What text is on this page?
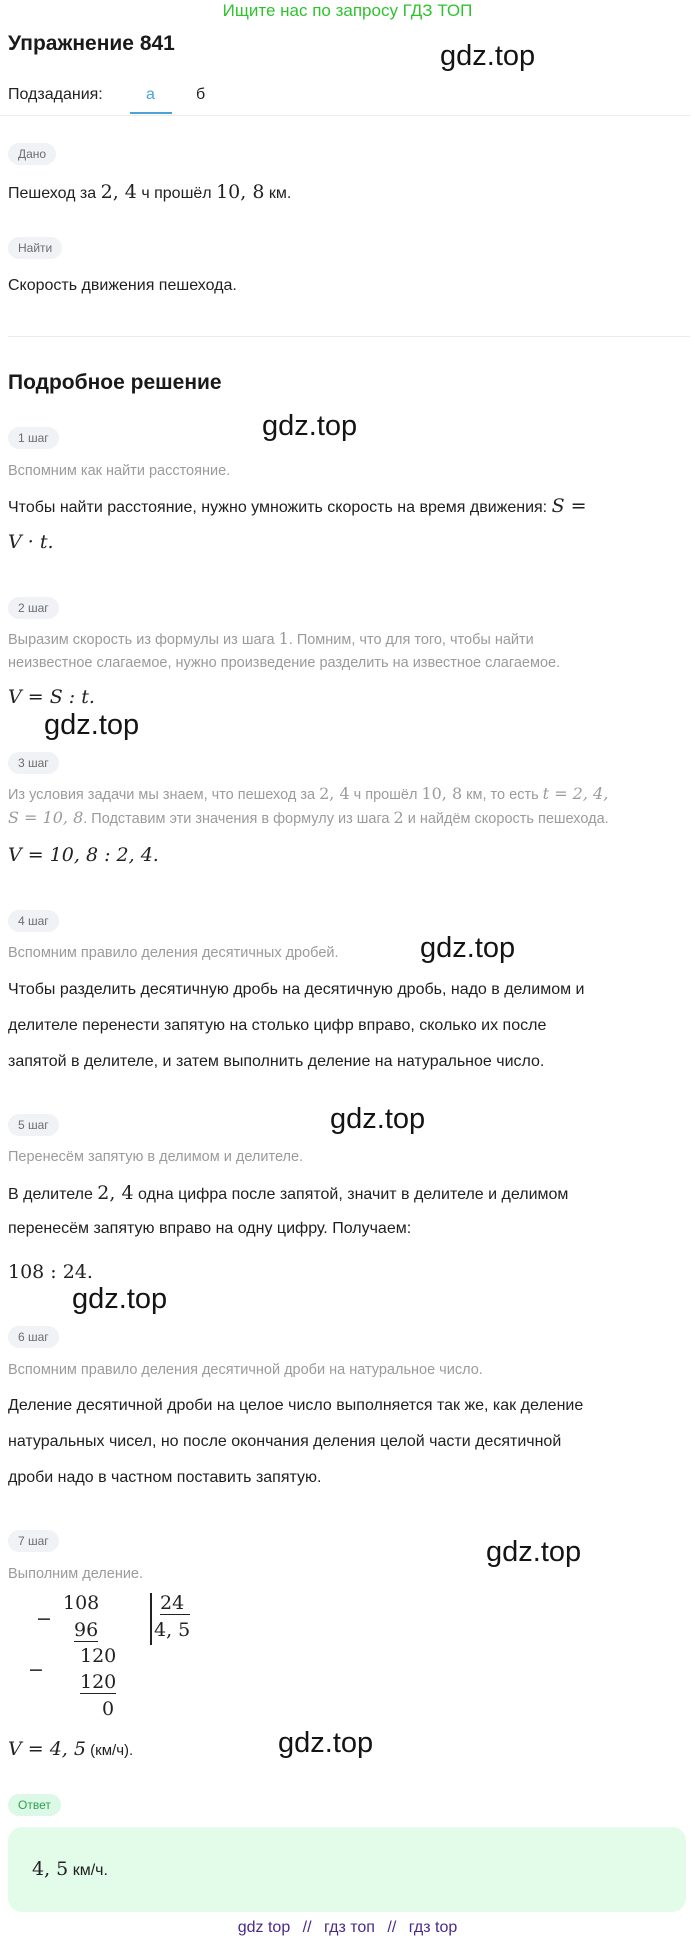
Ищите нас по запросу ГДЗ ТОП
Упражнение 841	gdz.top
Подзадания:	а	б
Дано
Пешеход за 2, 4 ч прошёл 10, 8 км.
Найти
Скорость движения пешехода.
Подробное решение
1 шаг	gdz.top
Вспомним как найти расстояние.
Чтобы найти расстояние, нужно умножить скорость на время движения: S =
V · t.
2 шаг
Выразим скорость из формулы из шага 1. Помним, что для того, чтобы найти
неизвестное слагаемое, нужно произведение разделить на известное слагаемое.
V = S : t.
gdz.top
3 шаг
Из условия задачи мы знаем, что пешеход за 2, 4 ч прошёл 10, 8 км, то есть t = 2, 4,
S = 10, 8. Подставим эти значения в формулу из шага 2 и найдём скорость пешехода.
V = 10, 8 : 2, 4.
4 шаг
Вспомним правило деления десятичных дробей.	gdz.top
Чтобы разделить десятичную дробь на десятичную дробь, надо в делимом и
делителе перенести запятую на столько цифр вправо, сколько их после
запятой в делителе, и затем выполнить деление на натуральное число.
5 шаг	gdz.top
Перенесём запятую в делимом и делителе.
В делителе 2, 4 одна цифра после запятой, значит в делителе и делимом
перенесём запятую вправо на одну цифру. Получаем:
108 : 24.
gdz.top
6 шаг
Вспомним правило деления десятичной дроби на натуральное число.
Деление десятичной дроби на целое число выполняется так же, как деление
натуральных чисел, но после окончания деления целой части десятичной
дроби надо в частном поставить запятую.
7 шаг	gdz.top
Выполним деление.
−
108
96
−
120
120
0
24
4, 5
V = 4, 5 (км/ч).	gdz.top
Ответ
4, 5 км/ч.
gdz top // гдз топ // гдз top
